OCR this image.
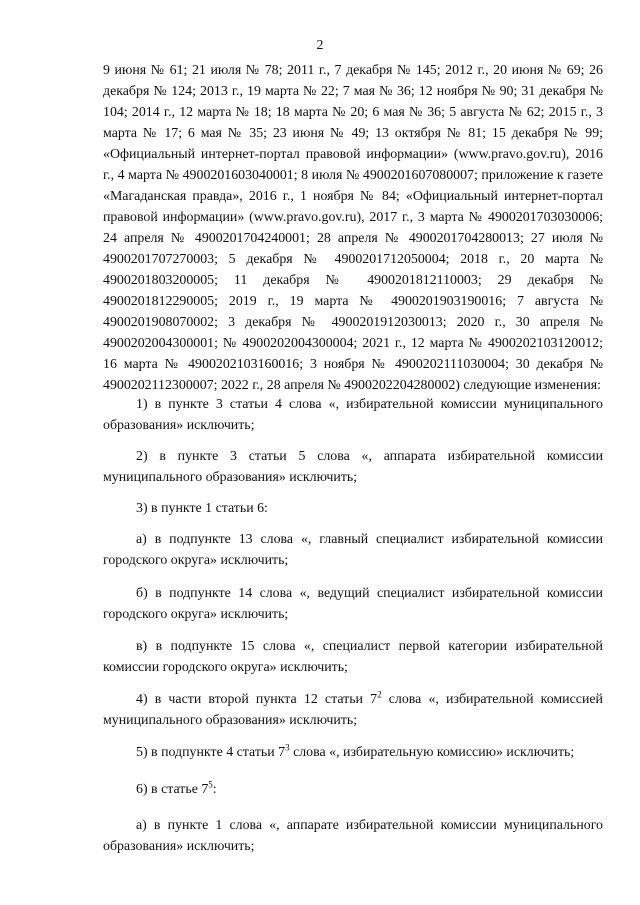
2
9 июня № 61; 21 июля № 78; 2011 г., 7 декабря № 145; 2012 г., 20 июня № 69; 26 декабря № 124; 2013 г., 19 марта № 22; 7 мая № 36; 12 ноября № 90; 31 декабря № 104; 2014 г., 12 марта № 18; 18 марта № 20; 6 мая № 36; 5 августа № 62; 2015 г., 3 марта № 17; 6 мая № 35; 23 июня № 49; 13 октября № 81; 15 декабря № 99; «Официальный интернет-портал правовой информации» (www.pravo.gov.ru), 2016 г., 4 марта № 4900201603040001; 8 июля № 4900201607080007; приложение к газете «Магаданская правда», 2016 г., 1 ноября № 84; «Официальный интернет-портал правовой информации» (www.pravo.gov.ru), 2017 г., 3 марта № 4900201703030006; 24 апреля № 4900201704240001; 28 апреля № 4900201704280013; 27 июля № 4900201707270003; 5 декабря № 4900201712050004; 2018 г., 20 марта № 4900201803200005; 11 декабря № 4900201812110003; 29 декабря № 4900201812290005; 2019 г., 19 марта № 4900201903190016; 7 августа № 4900201908070002; 3 декабря № 4900201912030013; 2020 г., 30 апреля № 4900202004300001; № 4900202004300004; 2021 г., 12 марта № 4900202103120012; 16 марта № 4900202103160016; 3 ноября № 4900202111030004; 30 декабря № 4900202112300007; 2022 г., 28 апреля № 4900202204280002) следующие изменения:
1) в пункте 3 статьи 4 слова «, избирательной комиссии муниципального образования» исключить;
2) в пункте 3 статьи 5 слова «, аппарата избирательной комиссии муниципального образования» исключить;
3) в пункте 1 статьи 6:
а) в подпункте 13 слова «, главный специалист избирательной комиссии городского округа» исключить;
б) в подпункте 14 слова «, ведущий специалист избирательной комиссии городского округа» исключить;
в) в подпункте 15 слова «, специалист первой категории избирательной комиссии городского округа» исключить;
4) в части второй пункта 12 статьи $7^2$ слова «, избирательной комиссией муниципального образования» исключить;
5) в подпункте 4 статьи $7^3$ слова «, избирательную комиссию» исключить;
6) в статье $7^5$:
а) в пункте 1 слова «, аппарате избирательной комиссии муниципального образования» исключить;
